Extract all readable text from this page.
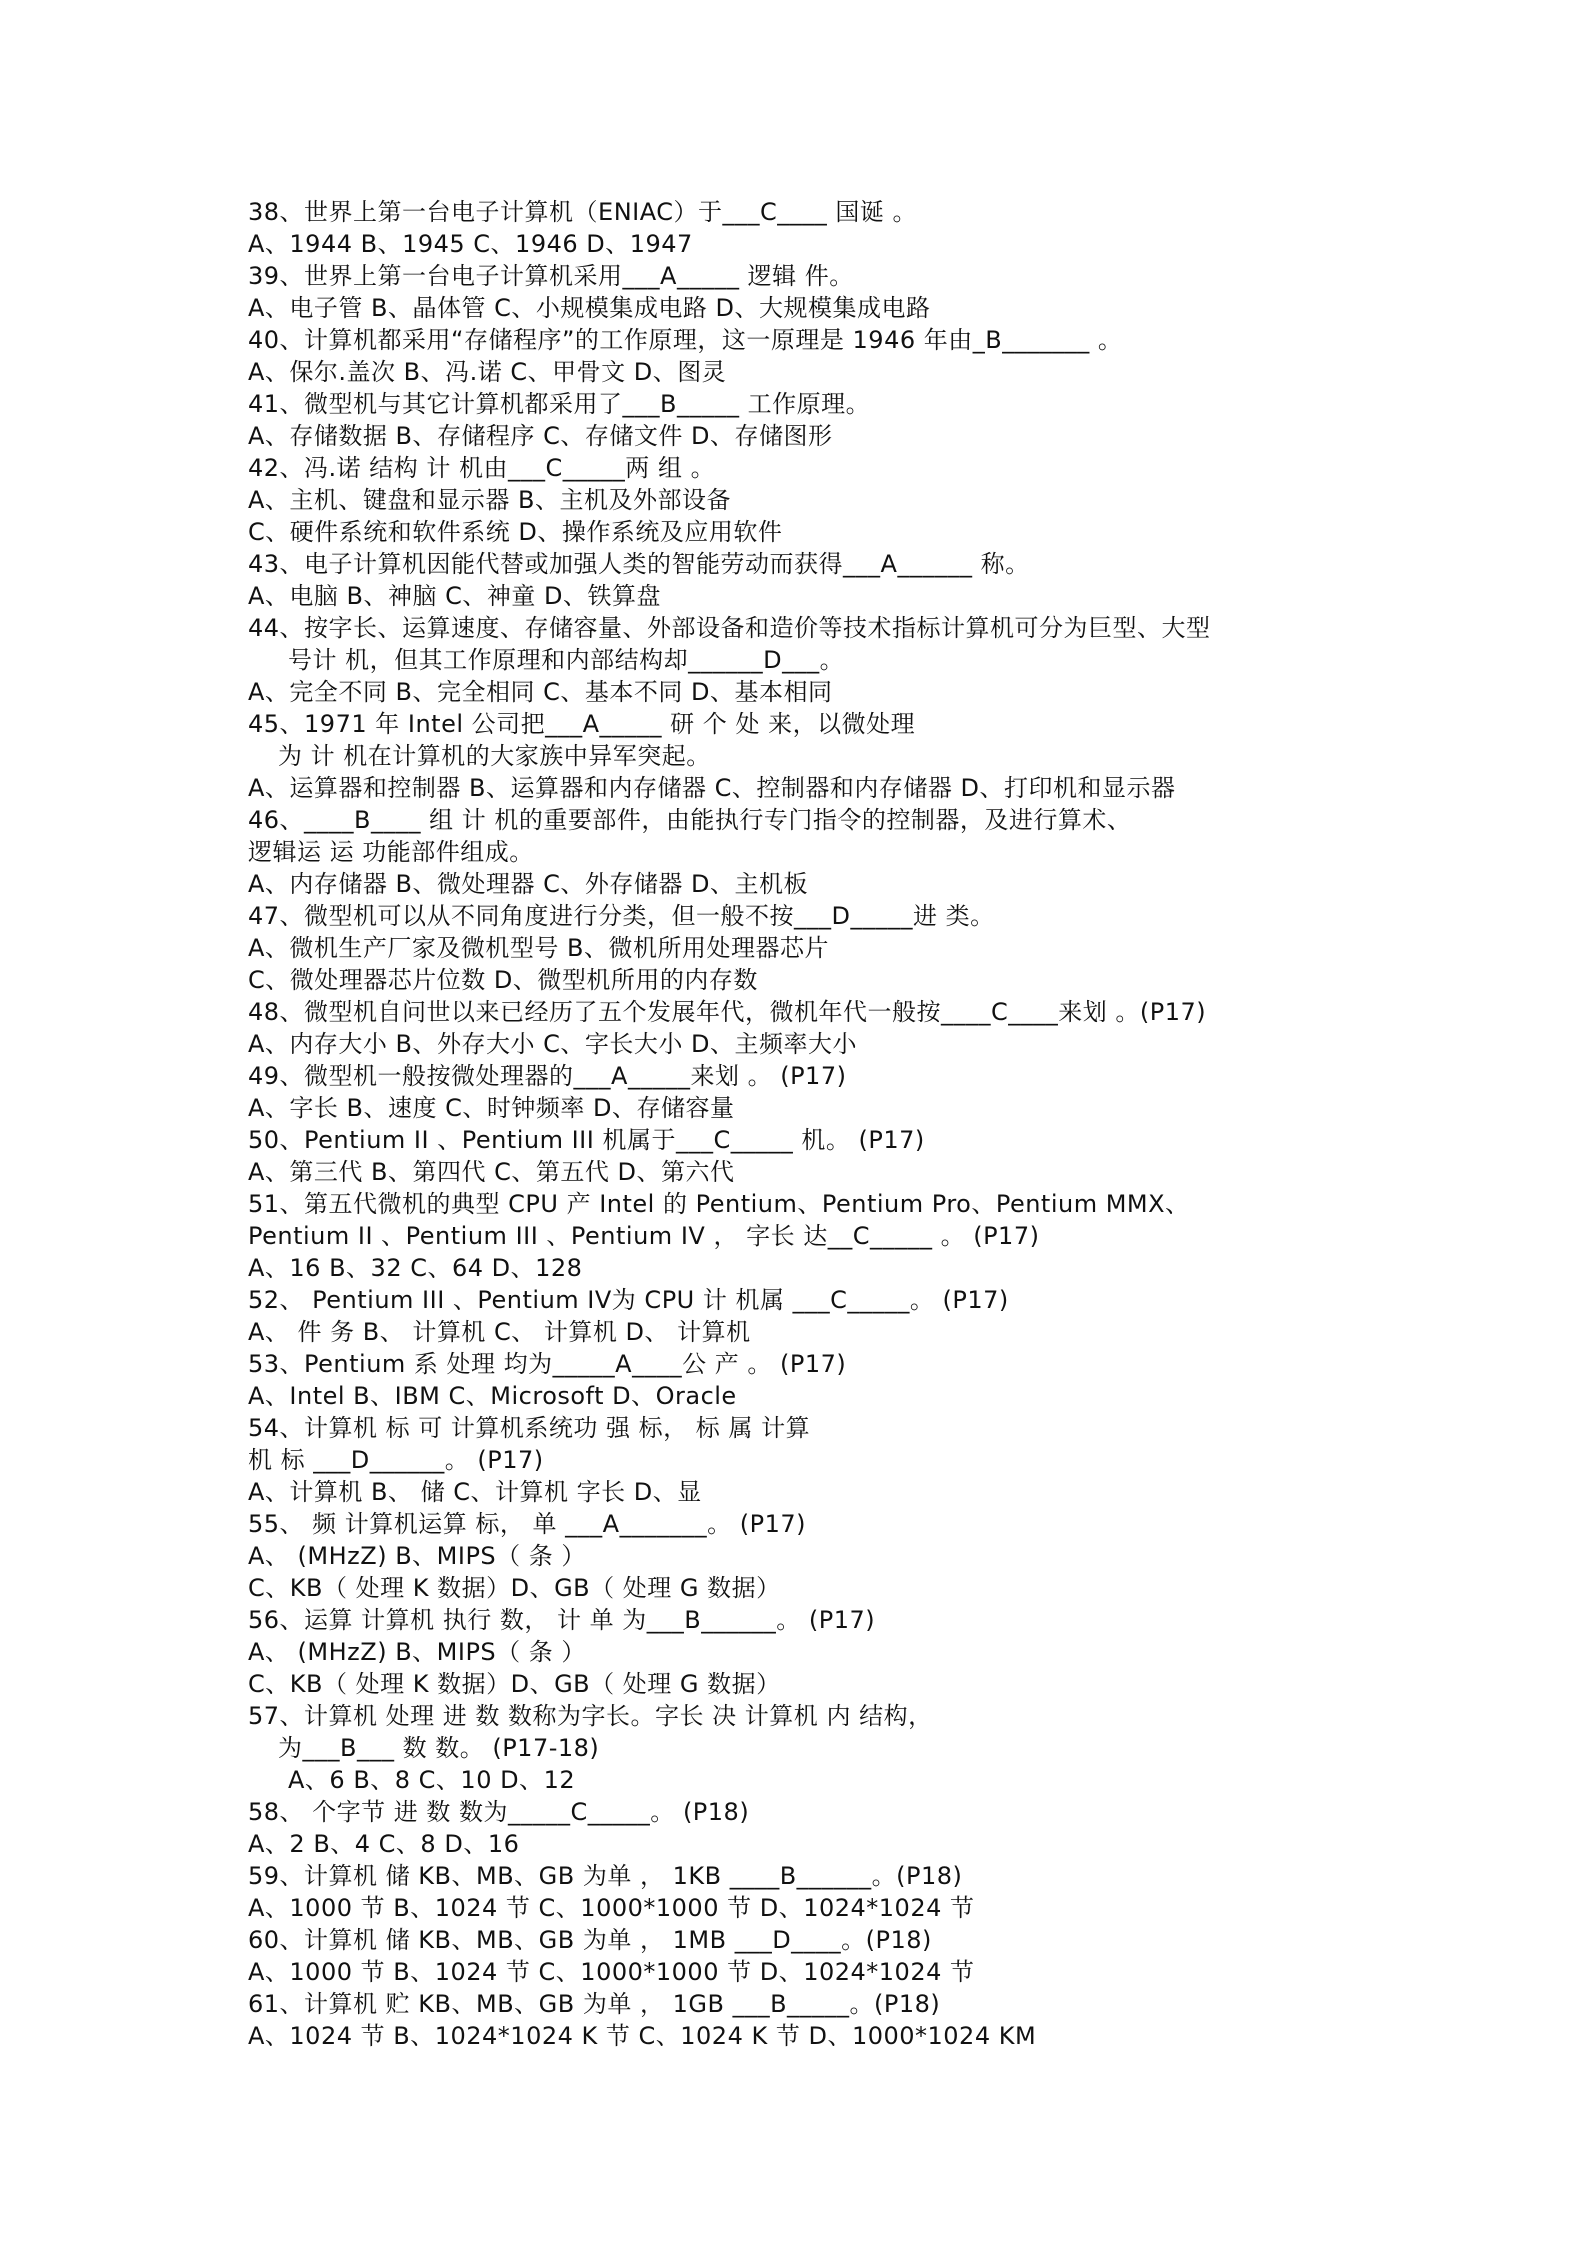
38、世界上第一台电子计算机（ENIAC）于___C____ 国诞 。
A、1944 B、1945 C、1946 D、1947
39、世界上第一台电子计算机采用___A_____ 逻辑 件。
A、电子管 B、晶体管 C、小规模集成电路 D、大规模集成电路
40、计算机都采用“存储程序”的工作原理，这一原理是 1946 年由_B_______ 。
A、保尔.盖次 B、冯.诺 C、甲骨文 D、图灵
41、微型机与其它计算机都采用了___B_____ 工作原理。
A、存储数据 B、存储程序 C、存储文件 D、存储图形
42、冯.诺 结构 计 机由___C_____两 组 。
A、主机、键盘和显示器 B、主机及外部设备
C、硬件系统和软件系统 D、操作系统及应用软件
43、电子计算机因能代替或加强人类的智能劳动而获得___A______ 称。
A、电脑 B、神脑 C、神童 D、铁算盘
44、按字长、运算速度、存储容量、外部设备和造价等技术指标计算机可分为巨型、大型
号计 机，但其工作原理和内部结构却______D___。
A、完全不同 B、完全相同 C、基本不同 D、基本相同
45、1971 年 Intel 公司把___A_____ 研 个 处 来，以微处理
为 计 机在计算机的大家族中异军突起。
A、运算器和控制器 B、运算器和内存储器 C、控制器和内存储器 D、打印机和显示器
46、____B____ 组 计 机的重要部件，由能执行专门指令的控制器，及进行算术、
逻辑运 运 功能部件组成。
A、内存储器 B、微处理器 C、外存储器 D、主机板
47、微型机可以从不同角度进行分类，但一般不按___D_____进 类。
A、微机生产厂家及微机型号 B、微机所用处理器芯片
C、微处理器芯片位数 D、微型机所用的内存数
48、微型机自问世以来已经历了五个发展年代，微机年代一般按____C____来划 。(P17)
A、内存大小 B、外存大小 C、字长大小 D、主频率大小
49、微型机一般按微处理器的___A_____来划 。 (P17)
A、字长 B、速度 C、时钟频率 D、存储容量
50、Pentium II 、Pentium III 机属于___C_____ 机。 (P17)
A、第三代 B、第四代 C、第五代 D、第六代
51、第五代微机的典型 CPU 产 Intel 的 Pentium、Pentium Pro、Pentium MMX、
Pentium II 、Pentium III 、Pentium IV ， 字长 达__C_____ 。 (P17)
A、16 B、32 C、64 D、128
52、 Pentium III 、Pentium IV为 CPU 计 机属 ___C_____。 (P17)
A、 件 务 B、 计算机 C、 计算机 D、 计算机
53、Pentium 系 处理 均为_____A____公 产 。 (P17)
A、Intel B、IBM C、Microsoft D、Oracle
54、计算机 标 可 计算机系统功 强 标， 标 属 计算
机 标 ___D______。 (P17)
A、计算机 B、 储 C、计算机 字长 D、显
55、 频 计算机运算 标， 单 ___A_______。 (P17)
A、 (MHzZ) B、MIPS（ 条 ）
C、KB（ 处理 K 数据）D、GB（ 处理 G 数据）
56、运算 计算机 执行 数， 计 单 为___B______。 (P17)
A、 (MHzZ) B、MIPS（ 条 ）
C、KB（ 处理 K 数据）D、GB（ 处理 G 数据）
57、计算机 处理 进 数 数称为字长。字长 决 计算机 内 结构，
为___B___ 数 数。 (P17-18)
A、6 B、8 C、10 D、12
58、 个字节 进 数 数为_____C_____。 (P18)
A、2 B、4 C、8 D、16
59、计算机 储 KB、MB、GB 为单 ， 1KB ____B______。(P18)
A、1000 节 B、1024 节 C、1000*1000 节 D、1024*1024 节
60、计算机 储 KB、MB、GB 为单 ， 1MB ___D____。(P18)
A、1000 节 B、1024 节 C、1000*1000 节 D、1024*1024 节
61、计算机 贮 KB、MB、GB 为单 ， 1GB ___B_____。(P18)
A、1024 节 B、1024*1024 K 节 C、1024 K 节 D、1000*1024 KM
